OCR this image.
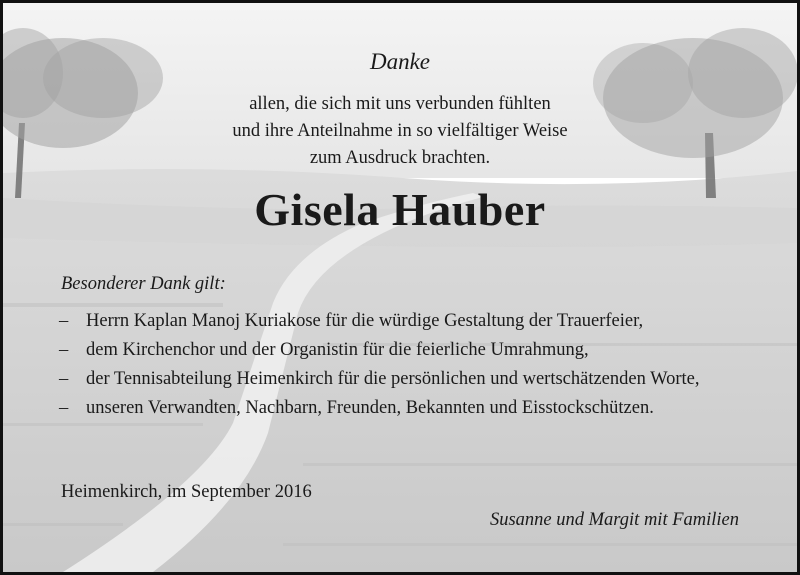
Danke
allen, die sich mit uns verbunden fühlten
und ihre Anteilnahme in so vielfältiger Weise
zum Ausdruck brachten.
Gisela Hauber
Besonderer Dank gilt:
– Herrn Kaplan Manoj Kuriakose für die würdige Gestaltung der Trauerfeier,
– dem Kirchenchor und der Organistin für die feierliche Umrahmung,
– der Tennisabteilung Heimenkirch für die persönlichen und wertschätzenden Worte,
– unseren Verwandten, Nachbarn, Freunden, Bekannten und Eisstockschützen.
Heimenkirch, im September 2016
Susanne und Margit mit Familien
